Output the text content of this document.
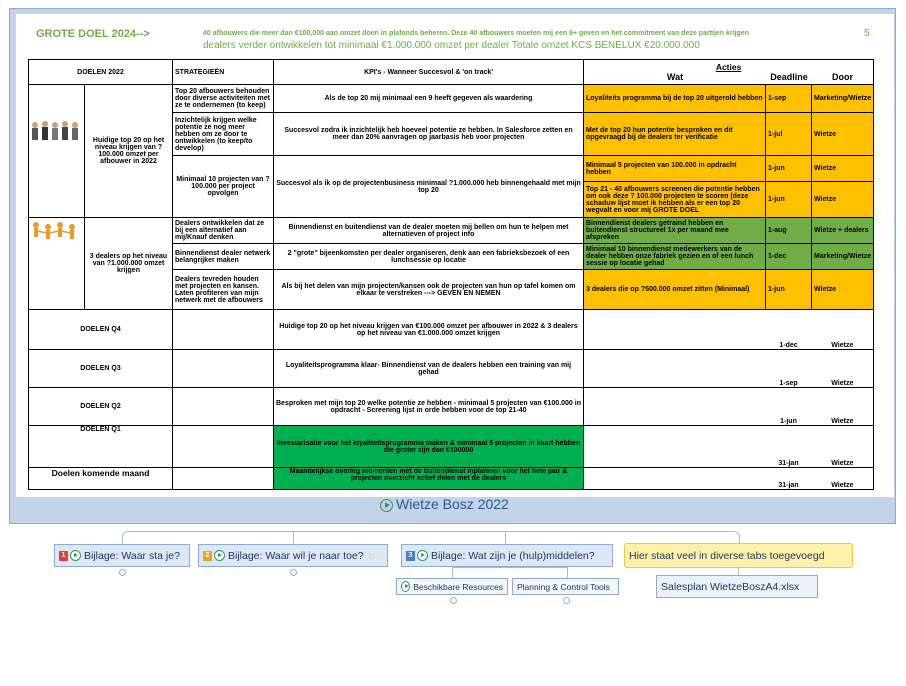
GROTE DOEL 2024-->	40 afbouwers die meer dan €100,000 aan omzet doen in plafonds beheren. Deze 40 afbouwers moeten mij een 9+ geven en het commitment van deze partijen krijgen
dealers verder ontwikkelen tot minimaal €1.000.000 omzet per dealer Totale omzet KCS BENELUX €20.000.000
5
DOELEN 2022		STRATEGIEËN	KPI's - Wanneer Succesvol & 'on track'	Acties
Wat Deadline Door		

	Huidige top 20 op het niveau krijgen van ?100.000 omzet per afbouwer in 2022	Top 20 afbouwers behouden door diverse activiteiten met ze te ondernemen (to keep)	Als de top 20 mij minimaal een 9 heeft gegeven als waardering	Loyaliteits programma bij de top 20 uitgerold hebben	1-sep	Marketing/Wietze
		Inzichtelijk krijgen welke potentie ze nog meer hebben om ze door te ontwikkelen (to keep/to develop)	Succesvol zodra ik inzichtelijk heb hoeveel potentie ze hebben. In Salesforce zetten en meer dan 20% aanvragen op jaarbasis heb voor projecten	Met de top 20 hun potentie besproken en dit opgevraagd bij de dealers ter verificatie	1-jul	Wietze
		Minimaal 10 projecten van ?100.000 per project opvolgen	Succesvol als ik op de projectenbusiness minimaal ?1.000.000 heb binnengehaald met mijn top 20	Minimaal 5 projecten van 100.000 in opdracht hebben	1-jun	Wietze
				Top 21 - 40 afbouwers screenen die potentie hebben om ook deze ? 100.000 projecten te scoren (deze schaduw lijst moet ik hebben als er een top 20 wegvalt en voor mij GROTE DOEL	1-jun	Wietze

	3 dealers op het niveau van ?1.000.000 omzet krijgen	Dealers ontwikkelen dat ze bij een alternatief aan mij/Knauf denken	Binnendienst en buitendienst van de dealer moeten mij bellen om hun te helpen met alternatieven of project info	Binnendienst dealers getraind hebben en buitendienst structureel 1x per maand mee afspreken	1-aug	Wietze + dealers
		Binnendienst dealer netwerk belangrijker maken	2 "grote" bijeenkomsten per dealer organiseren, denk aan een fabrieksbezoek of een lunchsessie op locatie	Minimaal 10 binnendienst medewerkers van de dealer hebben onze fabriek gezien en of een lunch sessie op locatie gehad	1-dec	Marketing/Wietze
		Dealers tevreden houden met projecten en kansen. Laten profiteren van mijn netwerk met de afbouwers	Als bij het delen van mijn projecten/kansen ook de projecten van hun op tafel komen om elkaar te verstreken ---> GEVEN EN NEMEN	3 dealers die op ?500.000 omzet zitten (Minimaal)	1-jun	Wietze
DOELEN Q4			Huidige top 20 op het niveau krijgen van €100.000 omzet per afbouwer in 2022 & 3 dealers op het niveau van €1.000.000 omzet krijgen		1-dec	Wietze
DOELEN Q3			Loyaliteitsprogramma klaar- Binnendienst van de dealers hebben een training van mij gehad		1-sep	Wietze
DOELEN Q2			Besproken met mijn top 20 welke potentie ze hebben - minimaal 5 projecten van €100.000 in opdracht - Screening lijst in orde hebben voor de top 21-40		1-jun	Wietze
DOELEN Q1			Investarisatie voor het loyaliteitsprogramma maken & minimaal 5 projecten in kaart hebben die groter zijn dan €100000		31-jan	Wietze
Doelen komende maand			Maandelijkse overleg momenten met de buitendienst inplannen voor het hele jaar & projecten overzicht actief delen met de dealers		31-jan	Wietze
Wietze Bosz 2022
1 Bijlage: Waar sta je?	2 Bijlage: Waar wil je naar toe? ☼	3 Bijlage: Wat zijn je (hulp)middelen?	Hier staat veel in diverse tabs toegevoegd
Beschikbare Resources Planning & Control Tools	Salesplan WietzeBoszA4.xlsx
